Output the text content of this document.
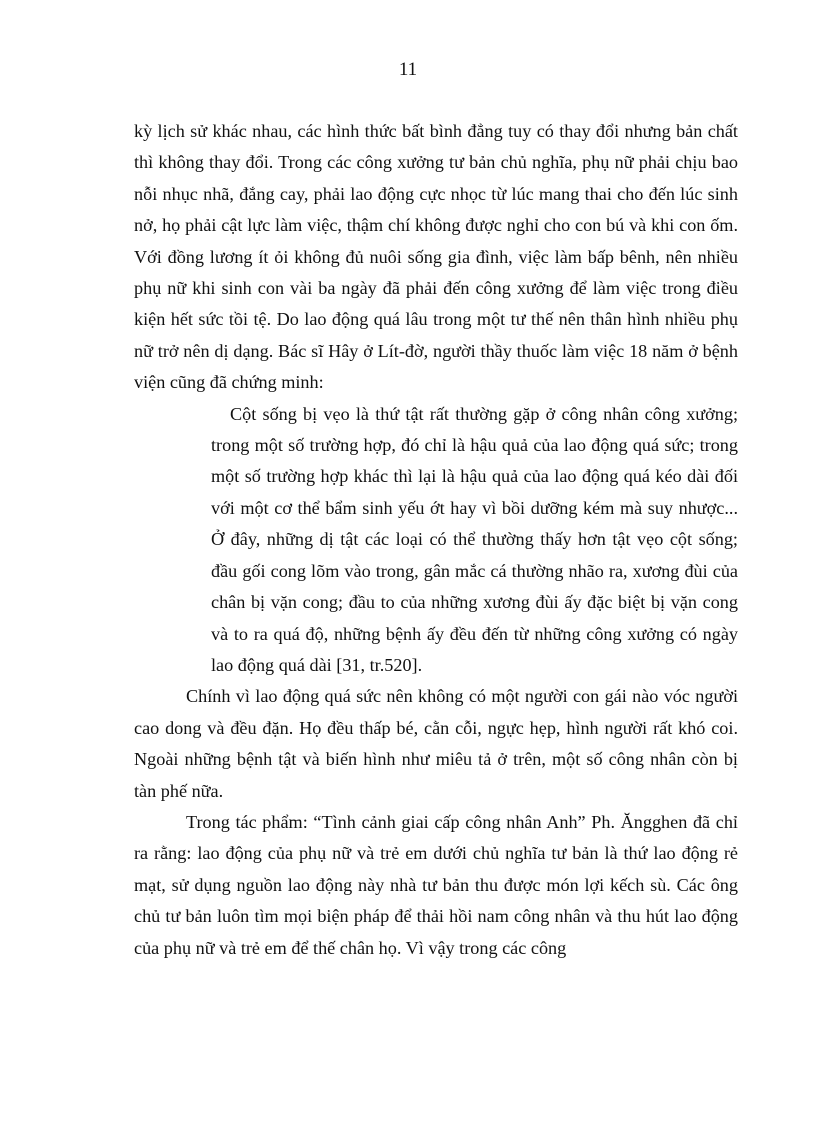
11

kỳ lịch sử khác nhau, các hình thức bất bình đẳng tuy có thay đổi nhưng bản chất thì không thay đổi. Trong các công xưởng tư bản chủ nghĩa, phụ nữ phải chịu bao nỗi nhục nhã, đắng cay, phải lao động cực nhọc từ lúc mang thai cho đến lúc sinh nở, họ phải cật lực làm việc, thậm chí không được nghỉ cho con bú và khi con ốm. Với đồng lương ít ỏi không đủ nuôi sống gia đình, việc làm bấp bênh, nên nhiều phụ nữ khi sinh con vài ba ngày đã phải đến công xưởng để làm việc trong điều kiện hết sức tồi tệ. Do lao động quá lâu trong một tư thế nên thân hình nhiều phụ nữ trở nên dị dạng. Bác sĩ Hây ở Lít-đờ, người thầy thuốc làm việc 18 năm ở bệnh viện cũng đã chứng minh:

Cột sống bị vẹo là thứ tật rất thường gặp ở công nhân công xưởng; trong một số trường hợp, đó chỉ là hậu quả của lao động quá sức; trong một số trường hợp khác thì lại là hậu quả của lao động quá kéo dài đối với một cơ thể bẩm sinh yếu ớt hay vì bồi dưỡng kém mà suy nhược... Ở đây, những dị tật các loại có thể thường thấy hơn tật vẹo cột sống; đầu gối cong lõm vào trong, gân mắc cá thường nhão ra, xương đùi của chân bị vặn cong; đầu to của những xương đùi ấy đặc biệt bị vặn cong và to ra quá độ, những bệnh ấy đều đến từ những công xưởng có ngày lao động quá dài [31, tr.520].

Chính vì lao động quá sức nên không có một người con gái nào vóc người cao dong và đều đặn. Họ đều thấp bé, cằn cỗi, ngực hẹp, hình người rất khó coi. Ngoài những bệnh tật và biến hình như miêu tả ở trên, một số công nhân còn bị tàn phế nữa.

Trong tác phẩm: “Tình cảnh giai cấp công nhân Anh” Ph. Ăngghen đã chỉ ra rằng: lao động của phụ nữ và trẻ em dưới chủ nghĩa tư bản là thứ lao động rẻ mạt, sử dụng nguồn lao động này nhà tư bản thu được món lợi kếch sù. Các ông chủ tư bản luôn tìm mọi biện pháp để thải hồi nam công nhân và thu hút lao động của phụ nữ và trẻ em để thế chân họ. Vì vậy trong các công
